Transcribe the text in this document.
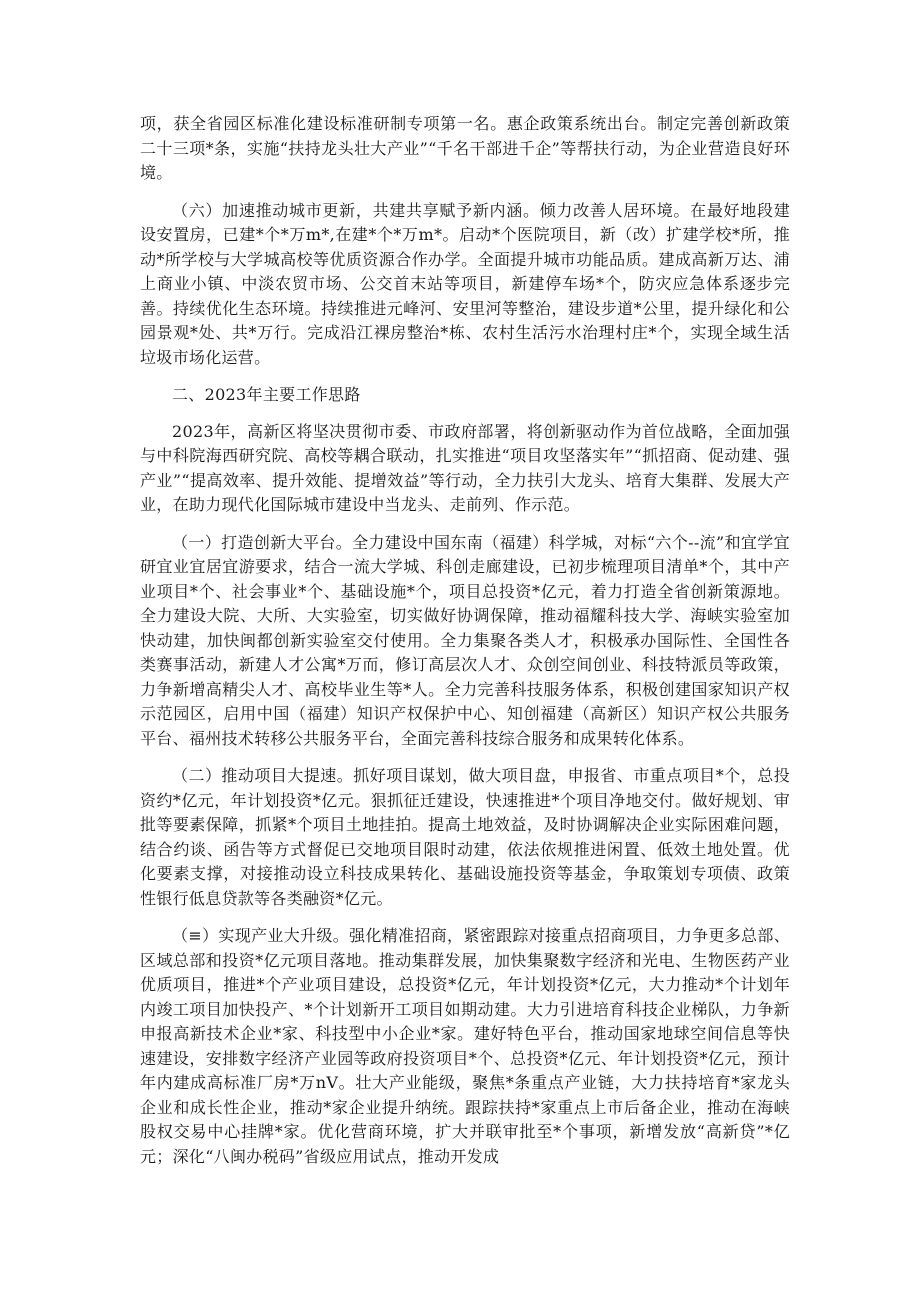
项，获全省园区标准化建设标准研制专项第一名。惠企政策系统出台。制定完善创新政策二十三项*条，实施“扶持龙头壮大产业”“千名干部进千企”等帮扶行动，为企业营造良好环境。

（六）加速推动城市更新，共建共享赋予新内涵。倾力改善人居环境。在最好地段建设安置房，已建*个*万m*,在建*个*万m*。启动*个医院项目，新（改）扩建学校*所，推动*所学校与大学城高校等优质资源合作办学。全面提升城市功能品质。建成高新万达、浦上商业小镇、中淡农贸市场、公交首末站等项目，新建停车场*个，防灾应急体系逐步完善。持续优化生态环境。持续推进元峰河、安里河等整治，建设步道*公里，提升绿化和公园景观*处、共*万行。完成沿江裸房整治*栋、农村生活污水治理村庄*个，实现全域生活垃圾市场化运营。

二、2023年主要工作思路

2023年，高新区将坚决贯彻市委、市政府部署，将创新驱动作为首位战略，全面加强与中科院海西研究院、高校等耦合联动，扎实推进“项目攻坚落实年”“抓招商、促动建、强产业”“提高效率、提升效能、提增效益”等行动，全力扶引大龙头、培育大集群、发展大产业，在助力现代化国际城市建设中当龙头、走前列、作示范。

（一）打造创新大平台。全力建设中国东南（福建）科学城，对标“六个--流”和宜学宜研宜业宜居宜游要求，结合一流大学城、科创走廊建设，已初步梳理项目清单*个，其中产业项目*个、社会事业*个、基础设施*个，项目总投资*亿元，着力打造全省创新策源地。全力建设大院、大所、大实验室，切实做好协调保障，推动福耀科技大学、海峡实验室加快动建，加快闽都创新实验室交付使用。全力集聚各类人才，积极承办国际性、全国性各类赛事活动，新建人才公寓*万而，修订高层次人才、众创空间创业、科技特派员等政策，力争新增高精尖人才、高校毕业生等*人。全力完善科技服务体系，积极创建国家知识产权示范园区，启用中国（福建）知识产权保护中心、知创福建（高新区）知识产权公共服务平台、福州技术转移公共服务平台，全面完善科技综合服务和成果转化体系。

（二）推动项目大提速。抓好项目谋划，做大项目盘，申报省、市重点项目*个，总投资约*亿元，年计划投资*亿元。狠抓征迁建设，快速推进*个项目净地交付。做好规划、审批等要素保障，抓紧*个项目土地挂拍。提高土地效益，及时协调解决企业实际困难问题，结合约谈、函告等方式督促已交地项目限时动建，依法依规推进闲置、低效土地处置。优化要素支撑，对接推动设立科技成果转化、基础设施投资等基金，争取策划专项债、政策性银行低息贷款等各类融资*亿元。

（≡）实现产业大升级。强化精准招商，紧密跟踪对接重点招商项目，力争更多总部、区域总部和投资*亿元项目落地。推动集群发展，加快集聚数字经济和光电、生物医药产业优质项目，推进*个产业项目建设，总投资*亿元，年计划投资*亿元，大力推动*个计划年内竣工项目加快投产、*个计划新开工项目如期动建。大力引进培育科技企业梯队，力争新申报高新技术企业*家、科技型中小企业*家。建好特色平台，推动国家地球空间信息等快速建设，安排数字经济产业园等政府投资项目*个、总投资*亿元、年计划投资*亿元，预计年内建成高标准厂房*万nV。壮大产业能级，聚焦*条重点产业链，大力扶持培育*家龙头企业和成长性企业，推动*家企业提升纳统。跟踪扶持*家重点上市后备企业，推动在海峡股权交易中心挂牌*家。优化营商环境，扩大并联审批至*个事项，新增发放“高新贷”*亿元；深化“八闽办税码”省级应用试点，推动开发成
